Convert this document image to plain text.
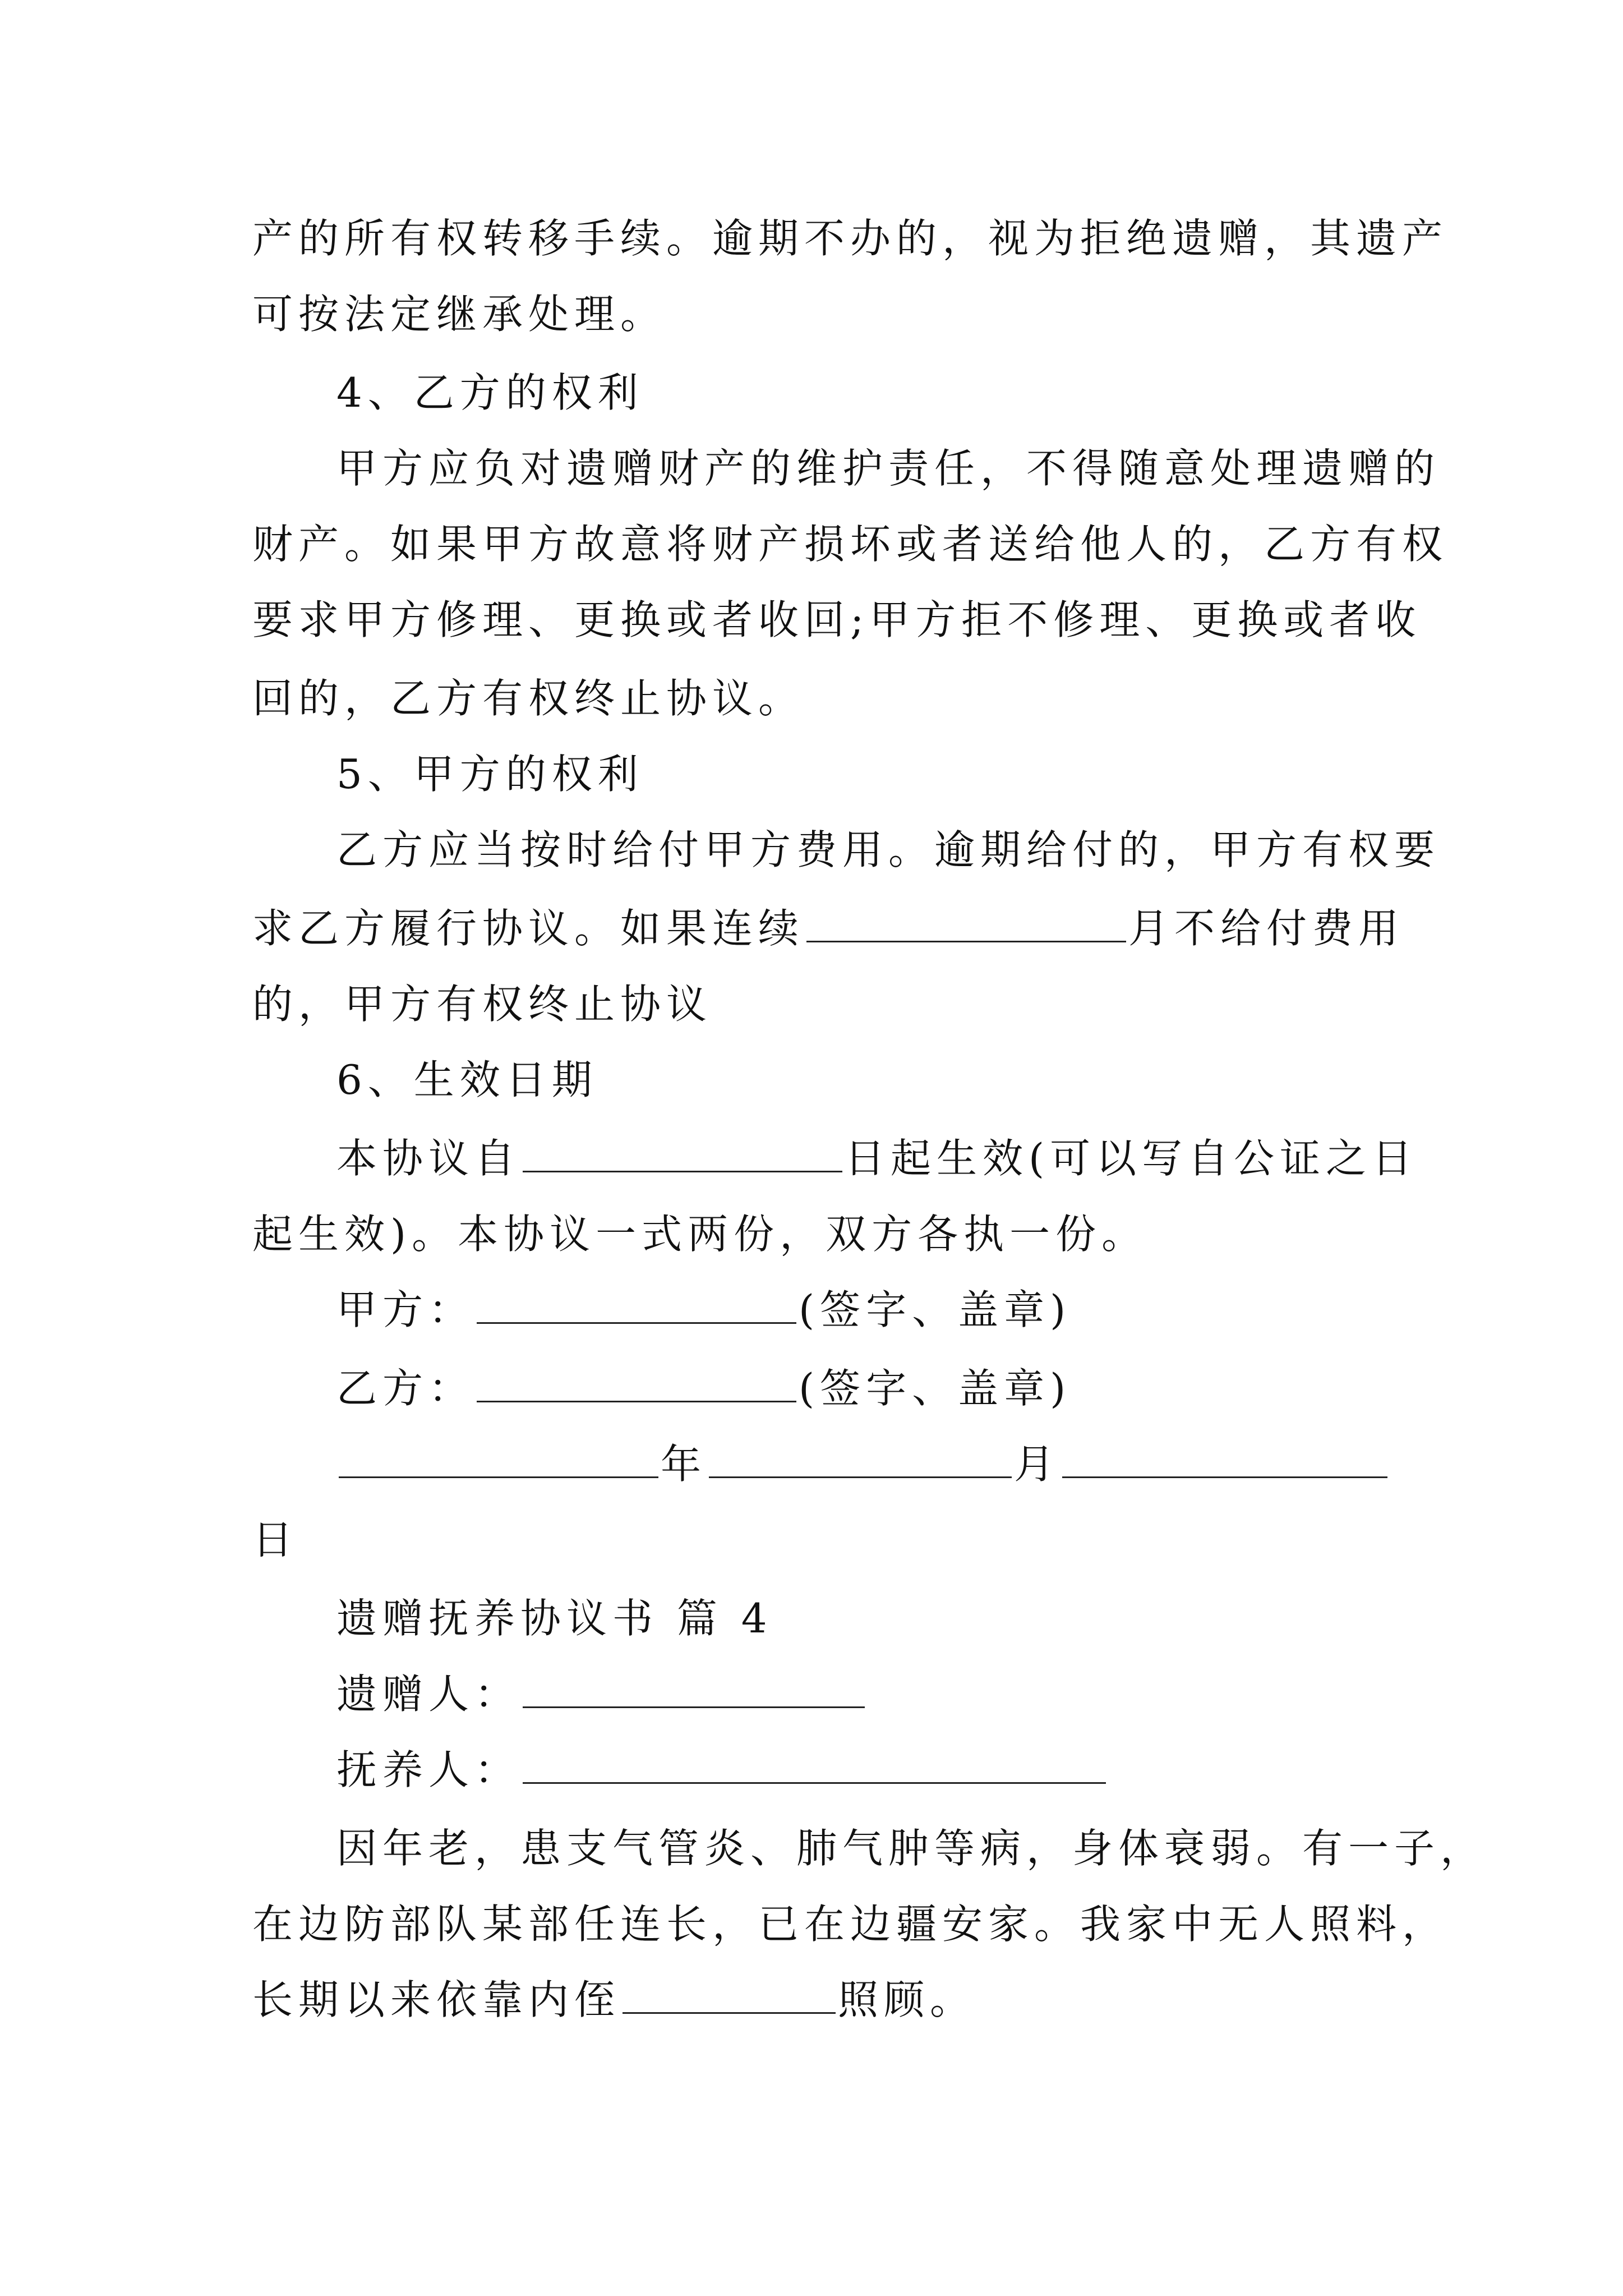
产的所有权转移手续。逾期不办的，视为拒绝遗赠，其遗产
可按法定继承处理。
4、乙方的权利
甲方应负对遗赠财产的维护责任，不得随意处理遗赠的
财产。如果甲方故意将财产损坏或者送给他人的，乙方有权
要求甲方修理、更换或者收回;甲方拒不修理、更换或者收
回的，乙方有权终止协议。
5、甲方的权利
乙方应当按时给付甲方费用。逾期给付的，甲方有权要
求乙方履行协议。如果连续	月不给付费用
的，甲方有权终止协议
6、生效日期
本协议自	日起生效(可以写自公证之日
起生效)。本协议一式两份，双方各执一份。
甲方：	(签字、盖章)
乙方：	(签字、盖章)
年	月
日
遗赠抚养协议书 篇 4
遗赠人：
抚养人：
因年老，患支气管炎、肺气肿等病，身体衰弱。有一子，
在边防部队某部任连长，已在边疆安家。我家中无人照料，
长期以来依靠内侄	照顾。
